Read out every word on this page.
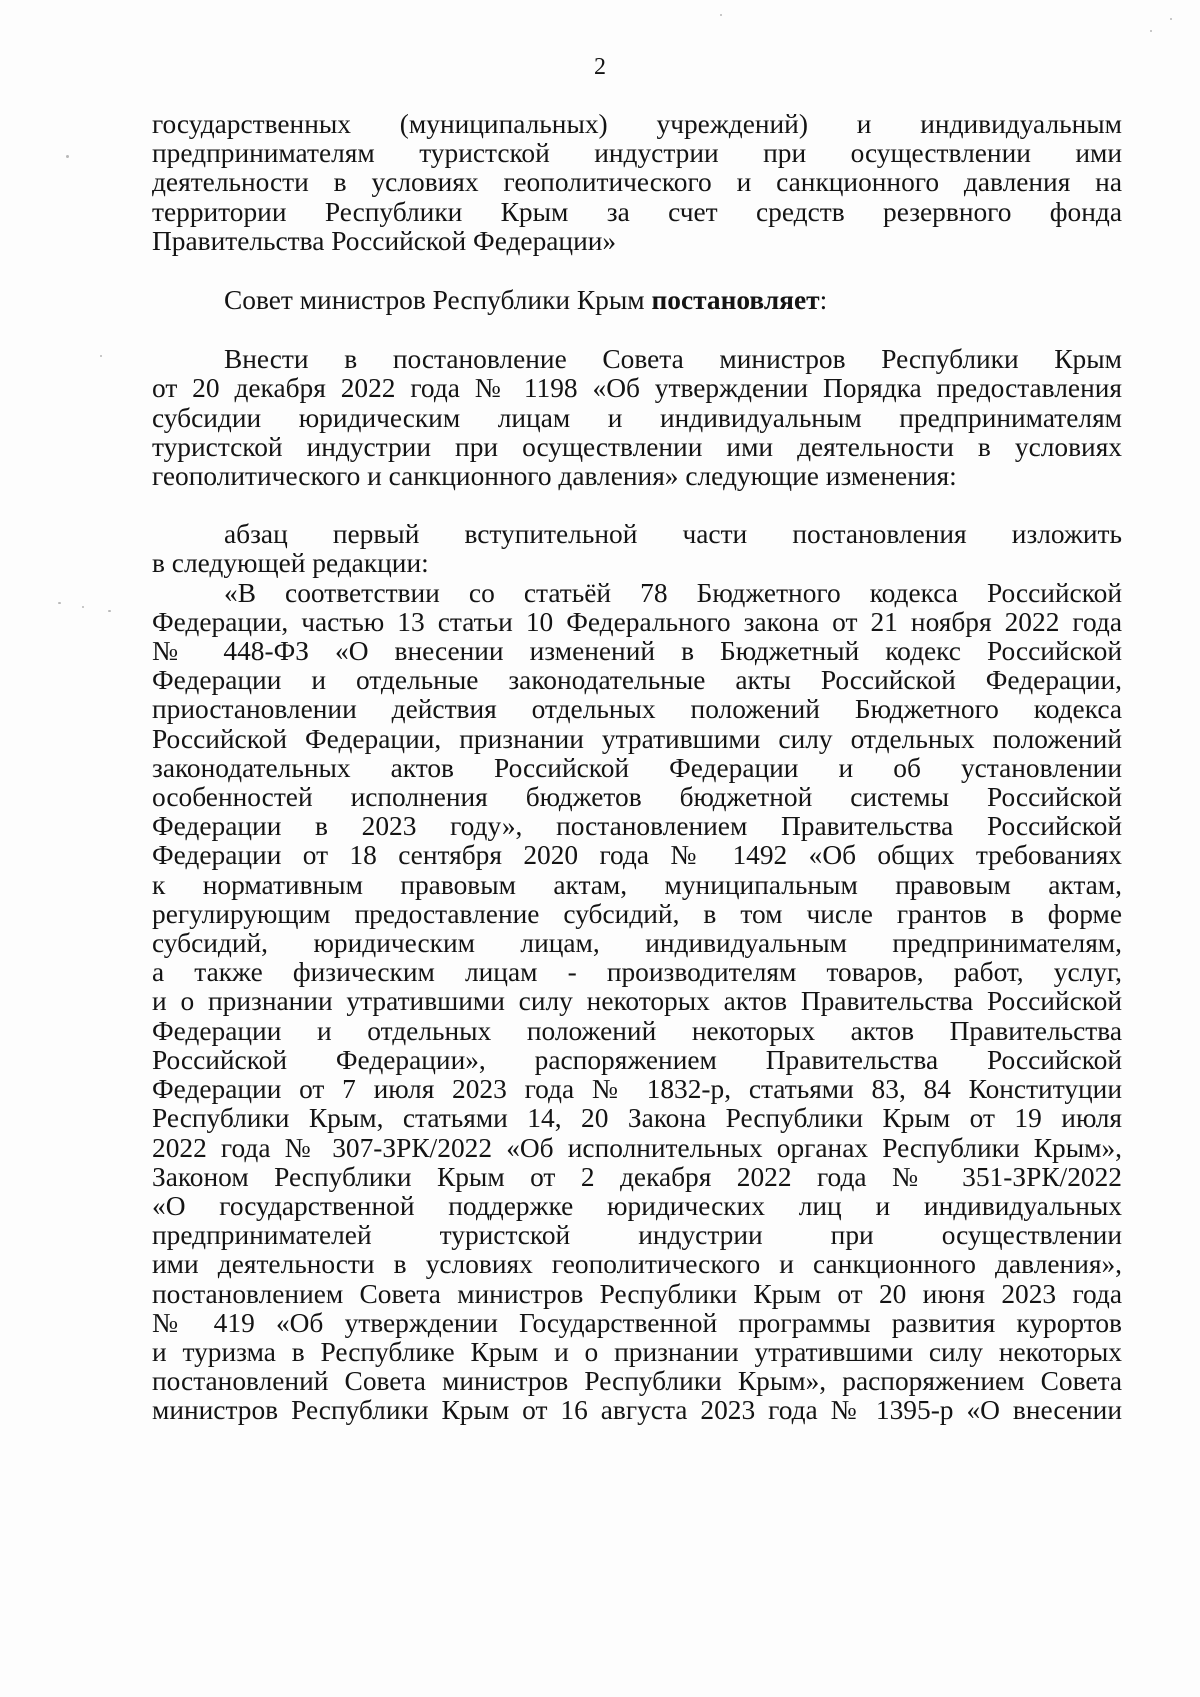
2

государственных (муниципальных) учреждений) и индивидуальным
предпринимателям туристской индустрии при осуществлении ими
деятельности в условиях геополитического и санкционного давления на
территории Республики Крым за счет средств резервного фонда
Правительства Российской Федерации»

Совет министров Республики Крым постановляет:

Внести в постановление Совета министров Республики Крым
от 20 декабря 2022 года № 1198 «Об утверждении Порядка предоставления
субсидии юридическим лицам и индивидуальным предпринимателям
туристской индустрии при осуществлении ими деятельности в условиях
геополитического и санкционного давления» следующие изменения:

абзац первый вступительной части постановления изложить
в следующей редакции:

«В соответствии со статьёй 78 Бюджетного кодекса Российской
Федерации, частью 13 статьи 10 Федерального закона от 21 ноября 2022 года
№ 448-ФЗ «О внесении изменений в Бюджетный кодекс Российской
Федерации и отдельные законодательные акты Российской Федерации,
приостановлении действия отдельных положений Бюджетного кодекса
Российской Федерации, признании утратившими силу отдельных положений
законодательных актов Российской Федерации и об установлении
особенностей исполнения бюджетов бюджетной системы Российской
Федерации в 2023 году», постановлением Правительства Российской
Федерации от 18 сентября 2020 года № 1492 «Об общих требованиях
к нормативным правовым актам, муниципальным правовым актам,
регулирующим предоставление субсидий, в том числе грантов в форме
субсидий, юридическим лицам, индивидуальным предпринимателям,
а также физическим лицам - производителям товаров, работ, услуг,
и о признании утратившими силу некоторых актов Правительства Российской
Федерации и отдельных положений некоторых актов Правительства
Российской Федерации», распоряжением Правительства Российской
Федерации от 7 июля 2023 года № 1832-р, статьями 83, 84 Конституции
Республики Крым, статьями 14, 20 Закона Республики Крым от 19 июля
2022 года № 307-ЗРК/2022 «Об исполнительных органах Республики Крым»,
Законом Республики Крым от 2 декабря 2022 года № 351-ЗРК/2022
«О государственной поддержке юридических лиц и индивидуальных
предпринимателей туристской индустрии при осуществлении
ими деятельности в условиях геополитического и санкционного давления»,
постановлением Совета министров Республики Крым от 20 июня 2023 года
№ 419 «Об утверждении Государственной программы развития курортов
и туризма в Республике Крым и о признании утратившими силу некоторых
постановлений Совета министров Республики Крым», распоряжением Совета
министров Республики Крым от 16 августа 2023 года № 1395-р «О внесении
